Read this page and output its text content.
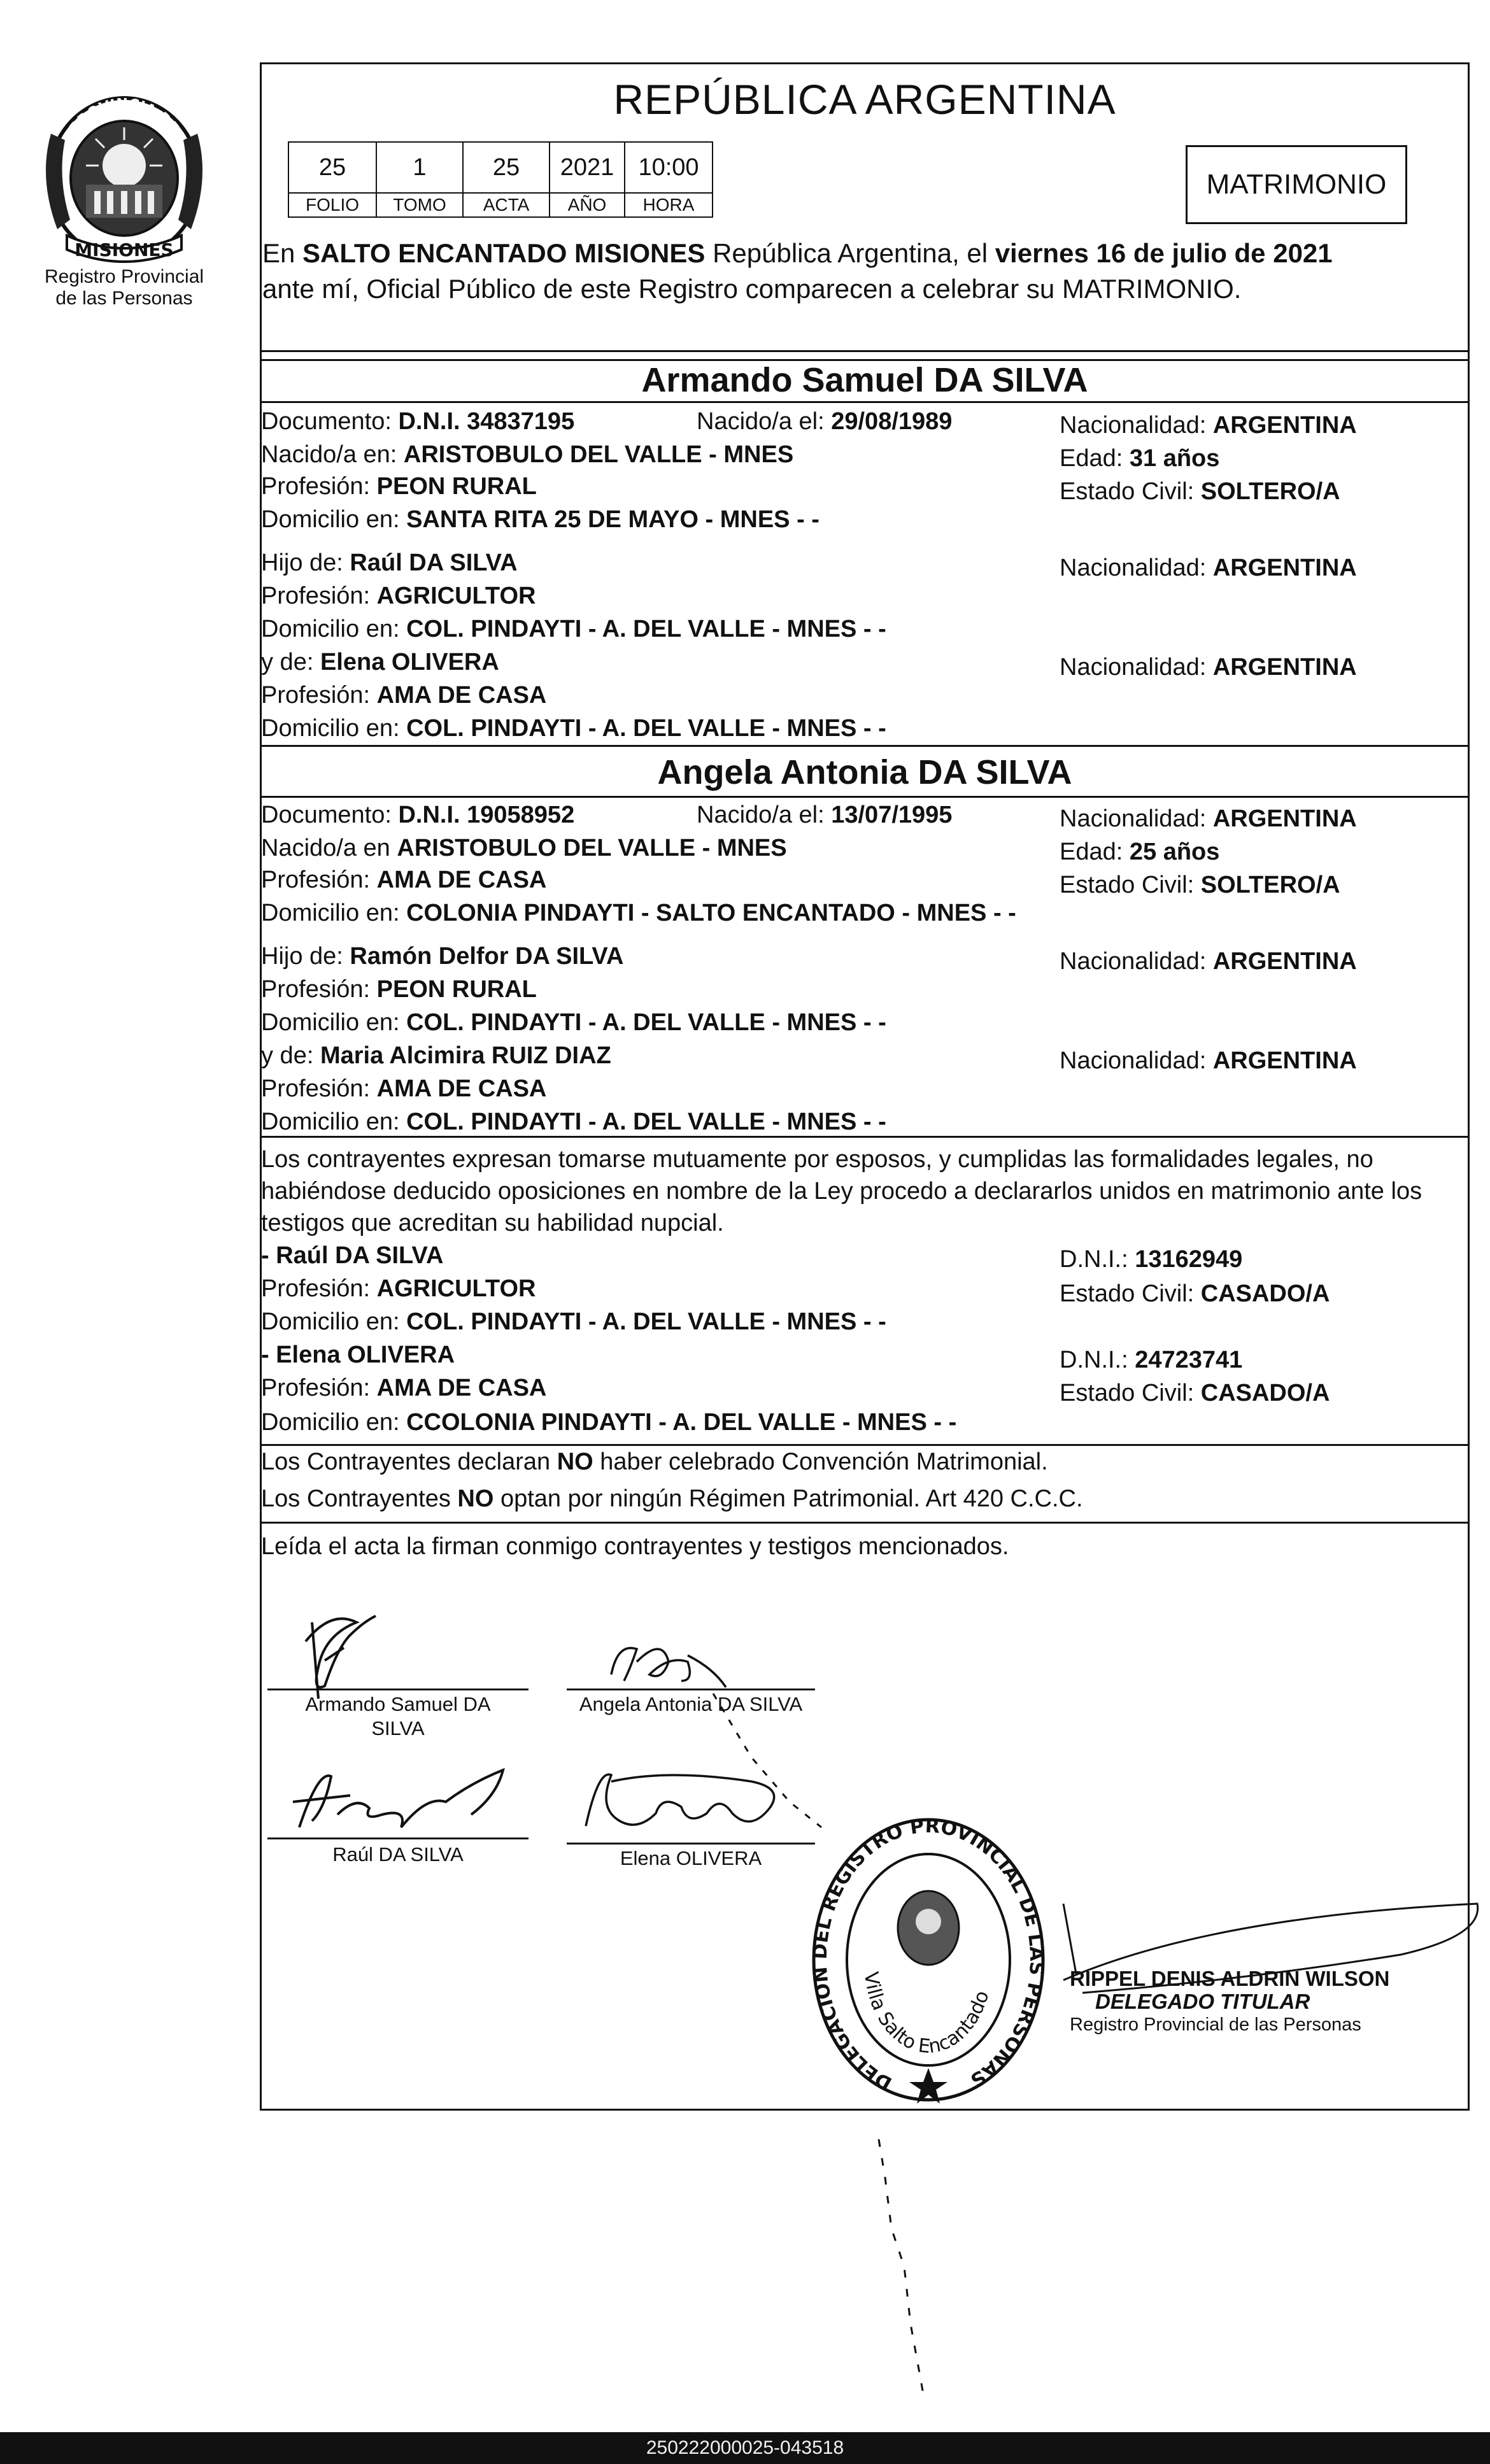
PROVINCIA DE
MISIONES
Registro Provincial
de las Personas
REPÚBLICA ARGENTINA
25	1	25	2021	10:00
FOLIO	TOMO	ACTA	AÑO	HORA
MATRIMONIO
En SALTO ENCANTADO MISIONES República Argentina, el viernes 16 de julio de 2021
ante mí, Oficial Público de este Registro comparecen a celebrar su MATRIMONIO.
Armando Samuel DA SILVA
Documento: D.N.I. 34837195	Nacido/a el: 29/08/1989	Nacionalidad: ARGENTINA
Nacido/a en: ARISTOBULO DEL VALLE - MNES	Edad: 31 años
Profesión: PEON RURAL	Estado Civil: SOLTERO/A
Domicilio en: SANTA RITA 25 DE MAYO - MNES - -
Hijo de: Raúl DA SILVA	Nacionalidad: ARGENTINA
Profesión: AGRICULTOR
Domicilio en: COL. PINDAYTI - A. DEL VALLE - MNES - -
y de: Elena OLIVERA	Nacionalidad: ARGENTINA
Profesión: AMA DE CASA
Domicilio en: COL. PINDAYTI - A. DEL VALLE - MNES - -
Angela Antonia DA SILVA
Documento: D.N.I. 19058952	Nacido/a el: 13/07/1995	Nacionalidad: ARGENTINA
Nacido/a en ARISTOBULO DEL VALLE - MNES	Edad: 25 años
Profesión: AMA DE CASA	Estado Civil: SOLTERO/A
Domicilio en: COLONIA PINDAYTI - SALTO ENCANTADO - MNES - -
Hijo de: Ramón Delfor DA SILVA	Nacionalidad: ARGENTINA
Profesión: PEON RURAL
Domicilio en: COL. PINDAYTI - A. DEL VALLE - MNES - -
y de: Maria Alcimira RUIZ DIAZ	Nacionalidad: ARGENTINA
Profesión: AMA DE CASA
Domicilio en: COL. PINDAYTI - A. DEL VALLE - MNES - -
Los contrayentes expresan tomarse mutuamente por esposos, y cumplidas las formalidades legales, no habiéndose deducido oposiciones en nombre de la Ley procedo a declararlos unidos en matrimonio ante los testigos que acreditan su habilidad nupcial.
- Raúl DA SILVA	D.N.I.: 13162949
Profesión: AGRICULTOR	Estado Civil: CASADO/A
Domicilio en: COL. PINDAYTI - A. DEL VALLE - MNES - -
- Elena OLIVERA	D.N.I.: 24723741
Profesión: AMA DE CASA	Estado Civil: CASADO/A
Domicilio en: CCOLONIA PINDAYTI - A. DEL VALLE - MNES - -
Los Contrayentes declaran NO haber celebrado Convención Matrimonial.
Los Contrayentes NO optan por ningún Régimen Patrimonial. Art 420 C.C.C.
Leída el acta la firman conmigo contrayentes y testigos mencionados.
Armando Samuel DA
SILVA
Angela Antonia DA SILVA
Raúl DA SILVA	Elena OLIVERA
DELEGACION DEL REGISTRO PROVINCIAL DE LAS PERSONAS
Villa Salto Encantado
RIPPEL DENIS ALDRIN WILSON
DELEGADO TITULAR
Registro Provincial de las Personas
250222000025-043518
